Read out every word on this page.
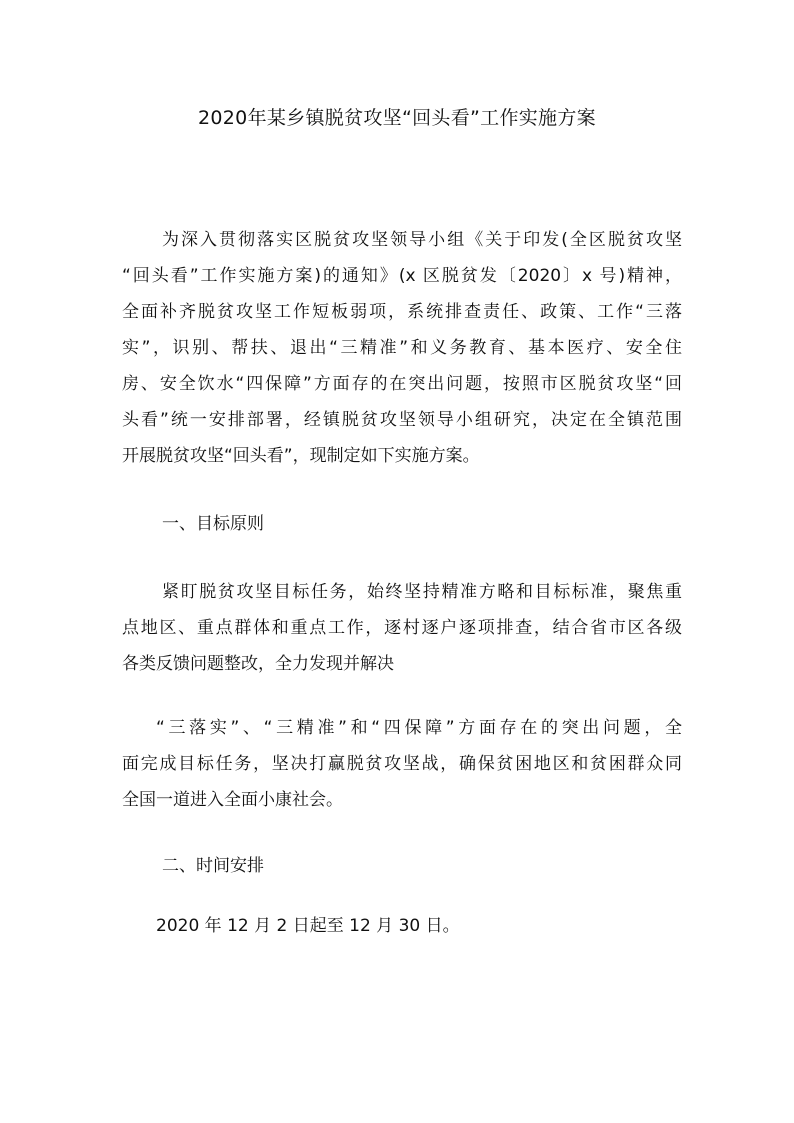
2020年某乡镇脱贫攻坚“回头看”工作实施方案
为深入贯彻落实区脱贫攻坚领导小组《关于印发(全区脱贫攻坚
“回头看”工作实施方案)的通知》(x 区脱贫发〔2020〕x 号)精神，
全面补齐脱贫攻坚工作短板弱项，系统排查责任、政策、工作“三落
实”，识别、帮扶、退出“三精准”和义务教育、基本医疗、安全住
房、安全饮水“四保障”方面存的在突出问题，按照市区脱贫攻坚“回
头看”统一安排部署，经镇脱贫攻坚领导小组研究，决定在全镇范围
开展脱贫攻坚“回头看”，现制定如下实施方案。
一、目标原则
紧盯脱贫攻坚目标任务，始终坚持精准方略和目标标准，聚焦重
点地区、重点群体和重点工作，逐村逐户逐项排查，结合省市区各级
各类反馈问题整改，全力发现并解决
“三落实”、“三精准”和“四保障”方面存在的突出问题，全
面完成目标任务，坚决打赢脱贫攻坚战，确保贫困地区和贫困群众同
全国一道进入全面小康社会。
二、时间安排
2020 年 12 月 2 日起至 12 月 30 日。
